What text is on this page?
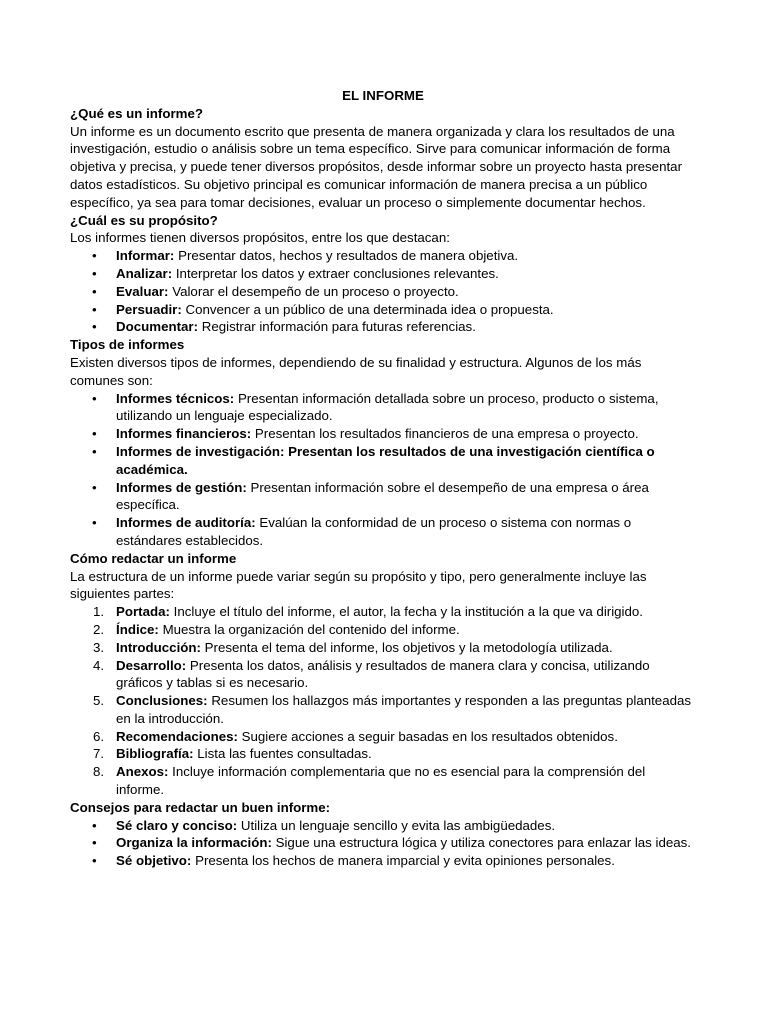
EL INFORME

¿Qué es un informe?

Un informe es un documento escrito que presenta de manera organizada y clara los resultados de una investigación, estudio o análisis sobre un tema específico. Sirve para comunicar información de forma objetiva y precisa, y puede tener diversos propósitos, desde informar sobre un proyecto hasta presentar datos estadísticos. Su objetivo principal es comunicar información de manera precisa a un público específico, ya sea para tomar decisiones, evaluar un proceso o simplemente documentar hechos.

¿Cuál es su propósito?

Los informes tienen diversos propósitos, entre los que destacan:

• Informar: Presentar datos, hechos y resultados de manera objetiva.
• Analizar: Interpretar los datos y extraer conclusiones relevantes.
• Evaluar: Valorar el desempeño de un proceso o proyecto.
• Persuadir: Convencer a un público de una determinada idea o propuesta.
• Documentar: Registrar información para futuras referencias.

Tipos de informes

Existen diversos tipos de informes, dependiendo de su finalidad y estructura. Algunos de los más comunes son:

• Informes técnicos: Presentan información detallada sobre un proceso, producto o sistema, utilizando un lenguaje especializado.
• Informes financieros: Presentan los resultados financieros de una empresa o proyecto.
• Informes de investigación: Presentan los resultados de una investigación científica o académica.
• Informes de gestión: Presentan información sobre el desempeño de una empresa o área específica.
• Informes de auditoría: Evalúan la conformidad de un proceso o sistema con normas o estándares establecidos.

Cómo redactar un informe

La estructura de un informe puede variar según su propósito y tipo, pero generalmente incluye las siguientes partes:

1. Portada: Incluye el título del informe, el autor, la fecha y la institución a la que va dirigido.
2. Índice: Muestra la organización del contenido del informe.
3. Introducción: Presenta el tema del informe, los objetivos y la metodología utilizada.
4. Desarrollo: Presenta los datos, análisis y resultados de manera clara y concisa, utilizando gráficos y tablas si es necesario.
5. Conclusiones: Resumen los hallazgos más importantes y responden a las preguntas planteadas en la introducción.
6. Recomendaciones: Sugiere acciones a seguir basadas en los resultados obtenidos.
7. Bibliografía: Lista las fuentes consultadas.
8. Anexos: Incluye información complementaria que no es esencial para la comprensión del informe.

Consejos para redactar un buen informe:

• Sé claro y conciso: Utiliza un lenguaje sencillo y evita las ambigüedades.
• Organiza la información: Sigue una estructura lógica y utiliza conectores para enlazar las ideas.
• Sé objetivo: Presenta los hechos de manera imparcial y evita opiniones personales.
